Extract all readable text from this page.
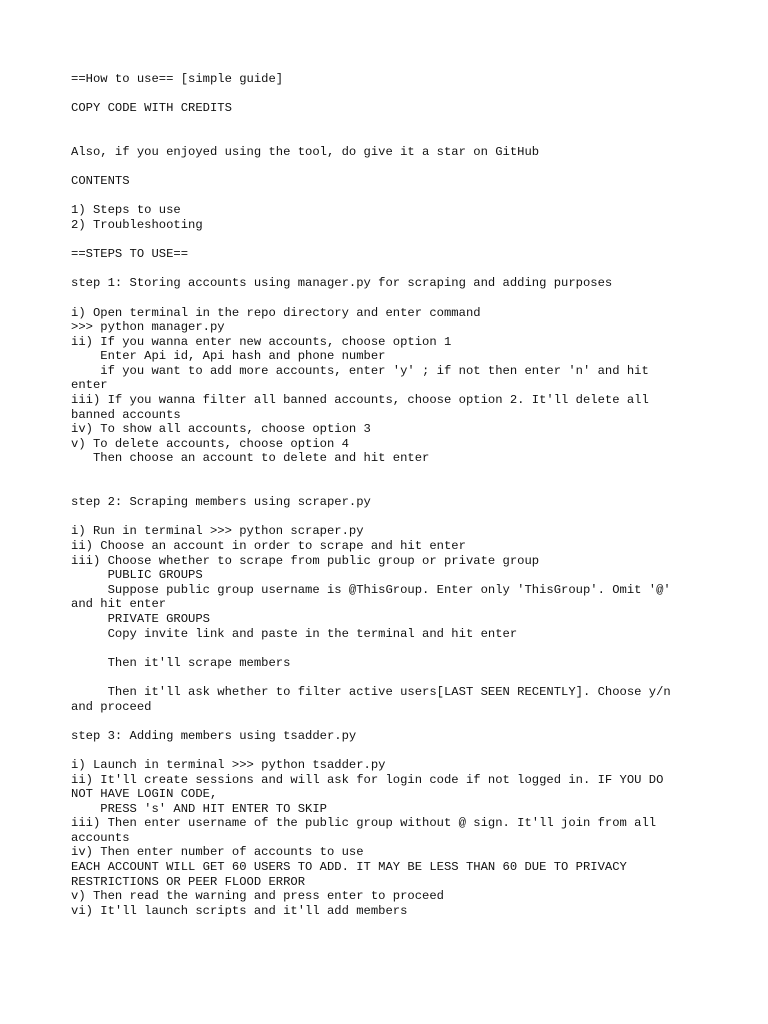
==How to use== [simple guide]
COPY CODE WITH CREDITS
Also, if you enjoyed using the tool, do give it a star on GitHub
CONTENTS
1) Steps to use
2) Troubleshooting
==STEPS TO USE==
step 1: Storing accounts using manager.py for scraping and adding purposes
i) Open terminal in the repo directory and enter command
>>> python manager.py
ii) If you wanna enter new accounts, choose option 1
Enter Api id, Api hash and phone number
if you want to add more accounts, enter 'y' ; if not then enter 'n' and hit
enter
iii) If you wanna filter all banned accounts, choose option 2. It'll delete all
banned accounts
iv) To show all accounts, choose option 3
v) To delete accounts, choose option 4
Then choose an account to delete and hit enter
step 2: Scraping members using scraper.py
i) Run in terminal >>> python scraper.py
ii) Choose an account in order to scrape and hit enter
iii) Choose whether to scrape from public group or private group
PUBLIC GROUPS
Suppose public group username is @ThisGroup. Enter only 'ThisGroup'. Omit '@'
and hit enter
PRIVATE GROUPS
Copy invite link and paste in the terminal and hit enter
Then it'll scrape members
Then it'll ask whether to filter active users[LAST SEEN RECENTLY]. Choose y/n
and proceed
step 3: Adding members using tsadder.py
i) Launch in terminal >>> python tsadder.py
ii) It'll create sessions and will ask for login code if not logged in. IF YOU DO
NOT HAVE LOGIN CODE,
PRESS 's' AND HIT ENTER TO SKIP
iii) Then enter username of the public group without @ sign. It'll join from all
accounts
iv) Then enter number of accounts to use
EACH ACCOUNT WILL GET 60 USERS TO ADD. IT MAY BE LESS THAN 60 DUE TO PRIVACY
RESTRICTIONS OR PEER FLOOD ERROR
v) Then read the warning and press enter to proceed
vi) It'll launch scripts and it'll add members
